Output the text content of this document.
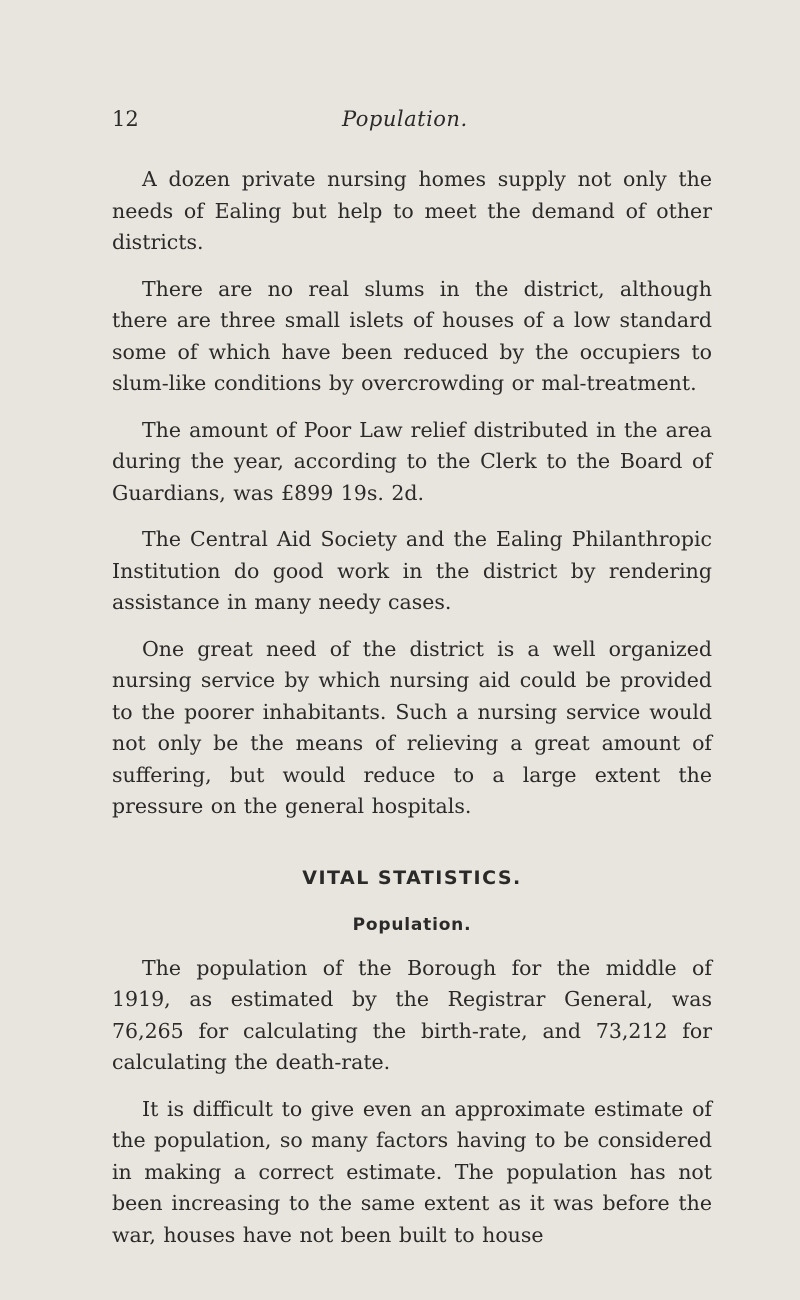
12	Population.

A dozen private nursing homes supply not only the needs of Ealing but help to meet the demand of other districts.

There are no real slums in the district, although there are three small islets of houses of a low standard some of which have been reduced by the occupiers to slum-like conditions by overcrowding or mal-treatment.

The amount of Poor Law relief distributed in the area during the year, according to the Clerk to the Board of Guardians, was £899 19s. 2d.

The Central Aid Society and the Ealing Philanthropic Institution do good work in the district by rendering assistance in many needy cases.

One great need of the district is a well organized nursing service by which nursing aid could be provided to the poorer inhabitants. Such a nursing service would not only be the means of relieving a great amount of suffering, but would reduce to a large extent the pressure on the general hospitals.

VITAL STATISTICS.
Population.

The population of the Borough for the middle of 1919, as estimated by the Registrar General, was 76,265 for calculating the birth-rate, and 73,212 for calculating the death-rate.

It is difficult to give even an approximate estimate of the population, so many factors having to be considered in making a correct estimate. The population has not been increasing to the same extent as it was before the war, houses have not been built to house
